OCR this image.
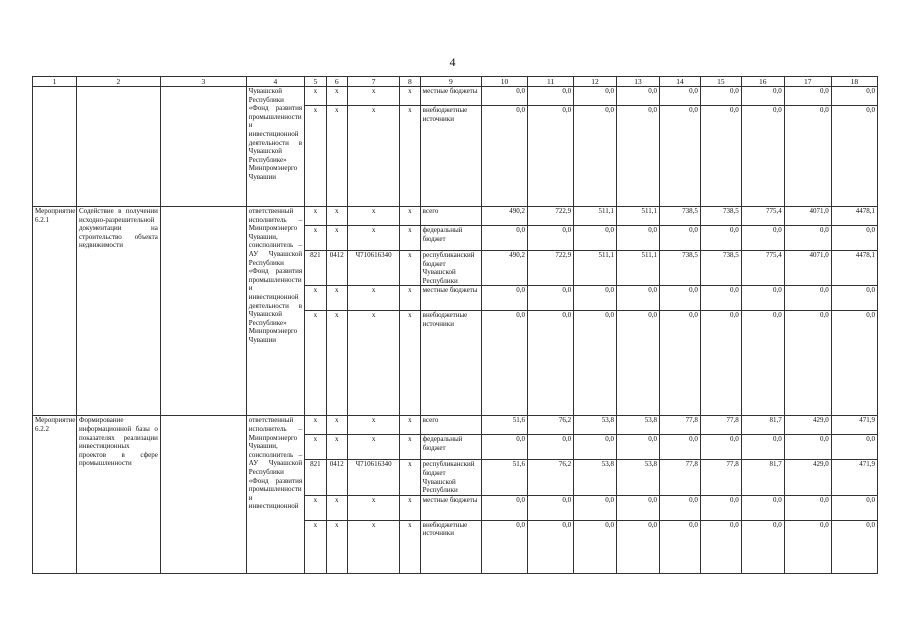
4
1	2	3	4	5	6	7	8	9	10	11	12	13	14	15	16	17	18
			Чувашской Республики «Фонд развития промышленности и инвестиционной деятельности в Чувашской Республике» Минпромэнерго Чувашии	х	х	х	х	местные бюджеты	0,0	0,0	0,0	0,0	0,0	0,0	0,0	0,0	0,0
				х	х	х	х	внебюджетные источники	0,0	0,0	0,0	0,0	0,0	0,0	0,0	0,0	0,0
Мероприятие 6.2.1	Содействие в получении исходно-разрешительной документации на строительство объекта недвижимости		ответственный исполнитель – Минпромэнерго Чувашии, соисполнитель – АУ Чувашской Республики «Фонд развития промышленности и инвестиционной деятельности в Чувашской Республике» Минпромэнерго Чувашии	х	х	х	х	всего	490,2	722,9	511,1	511,1	738,5	738,5	775,4	4071,0	4478,1
				х	х	х	х	федеральный бюджет	0,0	0,0	0,0	0,0	0,0	0,0	0,0	0,0	0,0
				821	0412	Ч710616340	х	республиканский бюджет Чувашской Республики	490,2	722,9	511,1	511,1	738,5	738,5	775,4	4071,0	4478,1
				х	х	х	х	местные бюджеты	0,0	0,0	0,0	0,0	0,0	0,0	0,0	0,0	0,0
				х	х	х	х	внебюджетные источники	0,0	0,0	0,0	0,0	0,0	0,0	0,0	0,0	0,0
Мероприятие 6.2.2	Формирование информационной базы о показателях реализации инвестиционных проектов в сфере промышленности		ответственный исполнитель – Минпромэнерго Чувашии, соисполнитель – АУ Чувашской Республики «Фонд развития промышленности и инвестиционной	х	х	х	х	всего	51,6	76,2	53,8	53,8	77,8	77,8	81,7	429,0	471,9
				х	х	х	х	федеральный бюджет	0,0	0,0	0,0	0,0	0,0	0,0	0,0	0,0	0,0
				821	0412	Ч710616340	х	республиканский бюджет Чувашской Республики	51,6	76,2	53,8	53,8	77,8	77,8	81,7	429,0	471,9
				х	х	х	х	местные бюджеты	0,0	0,0	0,0	0,0	0,0	0,0	0,0	0,0	0,0
				х	х	х	х	внебюджетные источники	0,0	0,0	0,0	0,0	0,0	0,0	0,0	0,0	0,0
